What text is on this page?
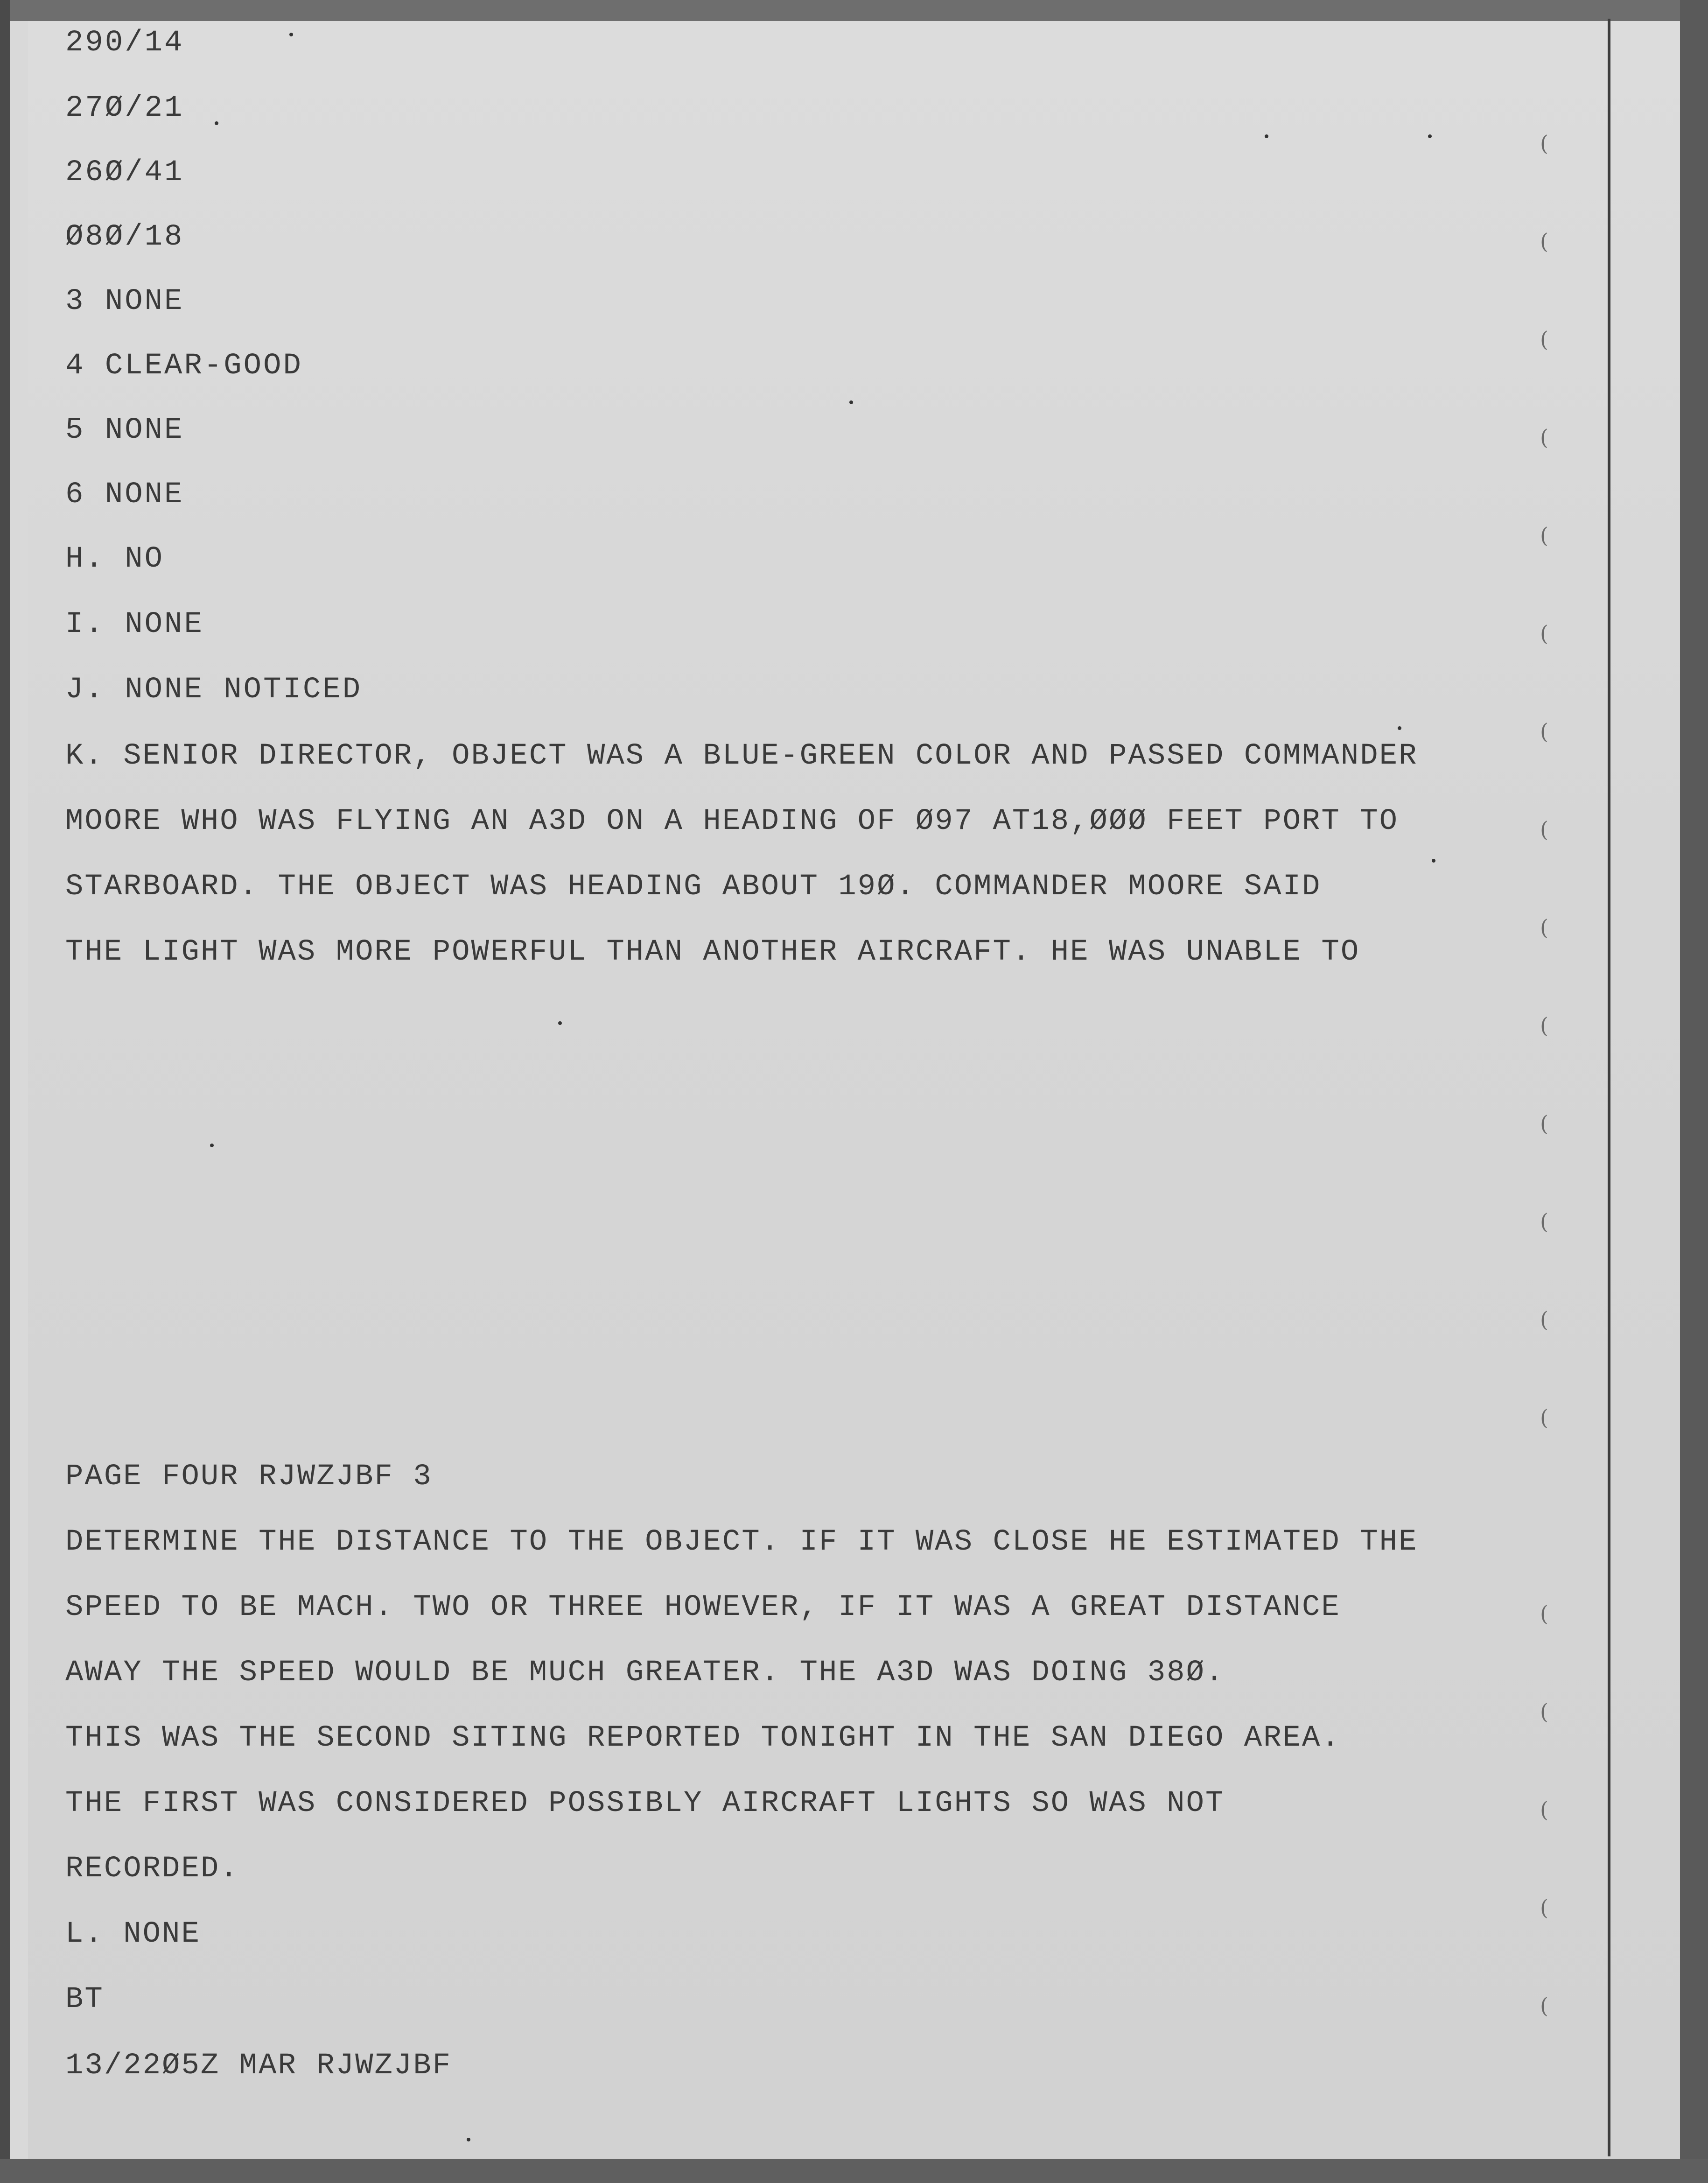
290/14
27Ø/21
26Ø/41
Ø8Ø/18
3 NONE
4 CLEAR-GOOD
5 NONE
6 NONE
H. NO
I. NONE
J. NONE NOTICED
K. SENIOR DIRECTOR, OBJECT WAS A BLUE-GREEN COLOR AND PASSED COMMANDER
MOORE WHO WAS FLYING AN A3D ON A HEADING OF Ø97 AT18,ØØØ FEET PORT TO
STARBOARD. THE OBJECT WAS HEADING ABOUT 19Ø. COMMANDER MOORE SAID
THE LIGHT WAS MORE POWERFUL THAN ANOTHER AIRCRAFT. HE WAS UNABLE TO
PAGE FOUR RJWZJBF 3
DETERMINE THE DISTANCE TO THE OBJECT. IF IT WAS CLOSE HE ESTIMATED THE
SPEED TO BE MACH. TWO OR THREE HOWEVER, IF IT WAS A GREAT DISTANCE
AWAY THE SPEED WOULD BE MUCH GREATER. THE A3D WAS DOING 38Ø.
THIS WAS THE SECOND SITING REPORTED TONIGHT IN THE SAN DIEGO AREA.
THE FIRST WAS CONSIDERED POSSIBLY AIRCRAFT LIGHTS SO WAS NOT
RECORDED.
L. NONE
BT
13/22Ø5Z MAR RJWZJBF
(
(
(
(
(
(
(
(
(
(
(
(
(
(
(
(
(
(
(
